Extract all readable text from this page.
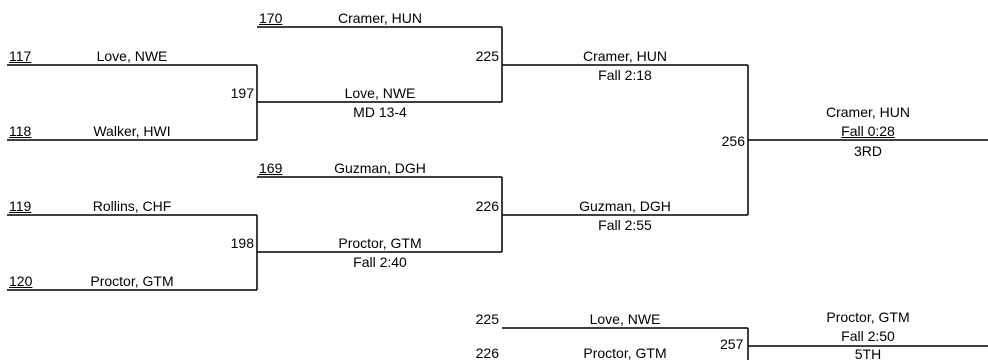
117	Love, NWE
118	Walker, HWI
119	Rollins, CHF
120	Proctor, GTM
170	Cramer, HUN
197	Love, NWE
MD 13-4
169	Guzman, DGH
198	Proctor, GTM
Fall 2:40
225	Cramer, HUN
Fall 2:18
226	Guzman, DGH
Fall 2:55
256
Cramer, HUN
Fall 0:28
3RD
225	Love, NWE
226	Proctor, GTM
257
Proctor, GTM
Fall 2:50
5TH
